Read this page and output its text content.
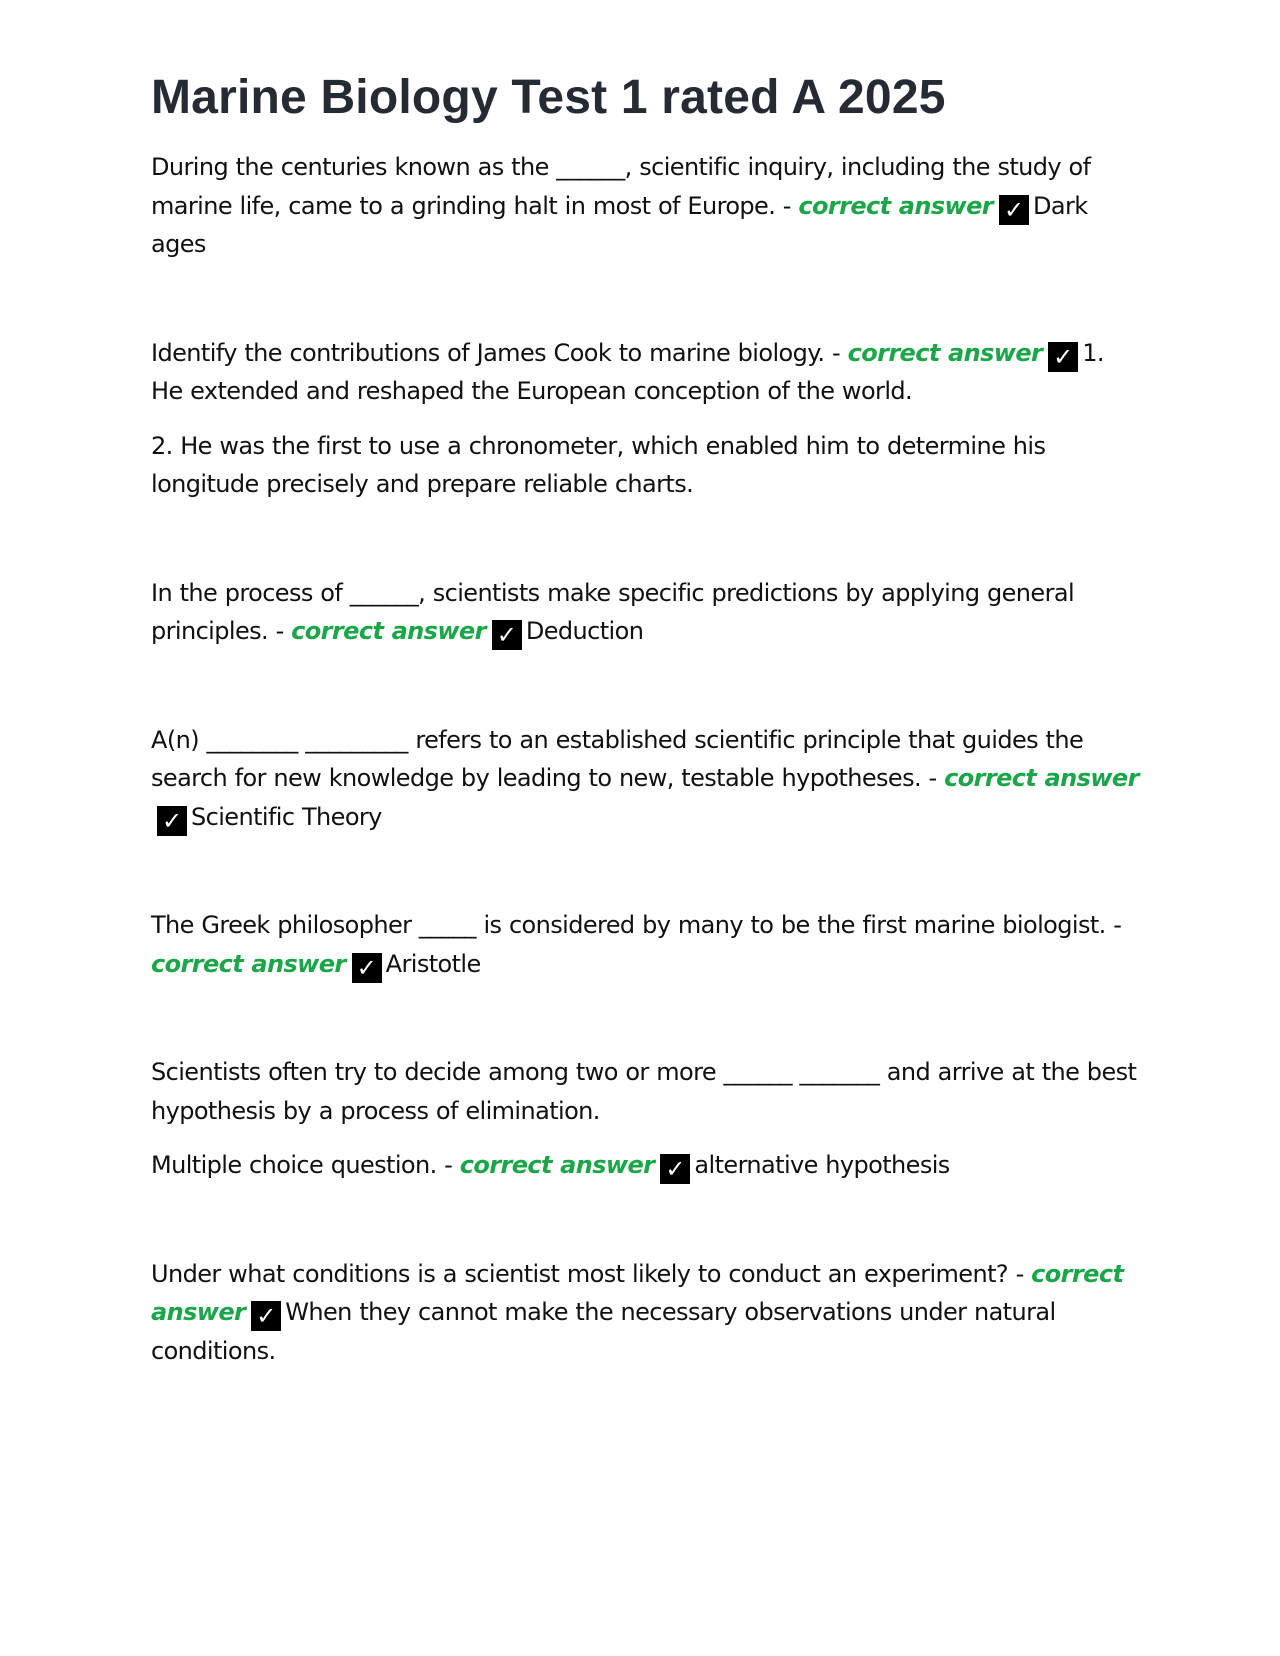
Marine Biology Test 1 rated A 2025

During the centuries known as the ______, scientific inquiry, including the study of marine life, came to a grinding halt in most of Europe. - correct answer ✓ Dark ages

Identify the contributions of James Cook to marine biology. - correct answer ✓ 1. He extended and reshaped the European conception of the world.

2. He was the first to use a chronometer, which enabled him to determine his longitude precisely and prepare reliable charts.

In the process of ______, scientists make specific predictions by applying general principles. - correct answer ✓ Deduction

A(n) ________ _________ refers to an established scientific principle that guides the search for new knowledge by leading to new, testable hypotheses. - correct answer✓ Scientific Theory

The Greek philosopher _____ is considered by many to be the first marine biologist. - correct answer ✓ Aristotle

Scientists often try to decide among two or more ______ _______ and arrive at the best hypothesis by a process of elimination.

Multiple choice question. - correct answer ✓ alternative hypothesis

Under what conditions is a scientist most likely to conduct an experiment? - correct answer ✓ When they cannot make the necessary observations under natural conditions.
